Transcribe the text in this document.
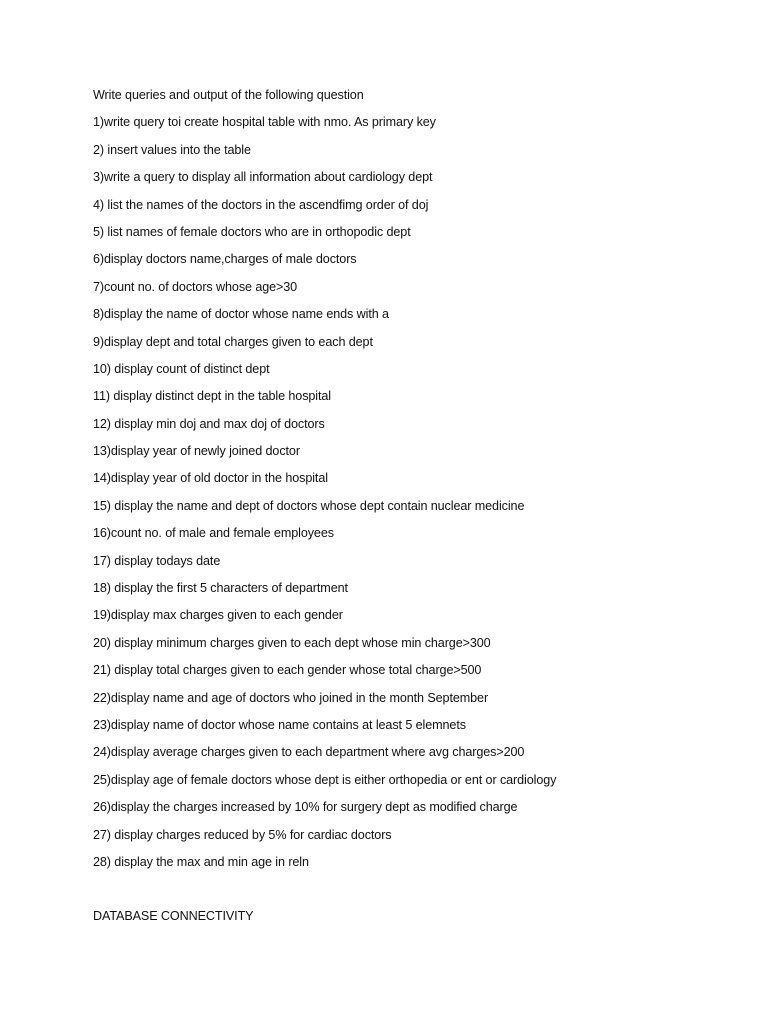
Write queries and output of the following question
1)write query toi create hospital table with nmo. As primary key
2) insert values into the table
3)write a query to display all information about cardiology dept
4) list the names of the doctors in the ascendfimg order of doj
5) list names of female doctors who are in orthopodic dept
6)display doctors name,charges of male doctors
7)count no. of doctors whose age>30
8)display the name of doctor whose name ends with a
9)display dept and total charges given to each dept
10) display count of distinct dept
11) display distinct dept in the table hospital
12) display min doj and max doj of doctors
13)display year of newly joined doctor
14)display year of old doctor in the hospital
15) display the name and dept of doctors whose dept contain nuclear medicine
16)count no. of male and female employees
17) display todays date
18) display the first 5 characters of department
19)display max charges given to each gender
20) display minimum charges given to each dept whose min charge>300
21) display total charges given to each gender whose total charge>500
22)display name and age of doctors who joined in the month September
23)display name of doctor whose name contains at least 5 elemnets
24)display average charges given to each department where avg charges>200
25)display age of female doctors whose dept is either orthopedia or ent or cardiology
26)display the charges increased by 10% for surgery dept as modified charge
27) display charges reduced by 5% for cardiac doctors
28) display the max and min age in reln
DATABASE CONNECTIVITY
